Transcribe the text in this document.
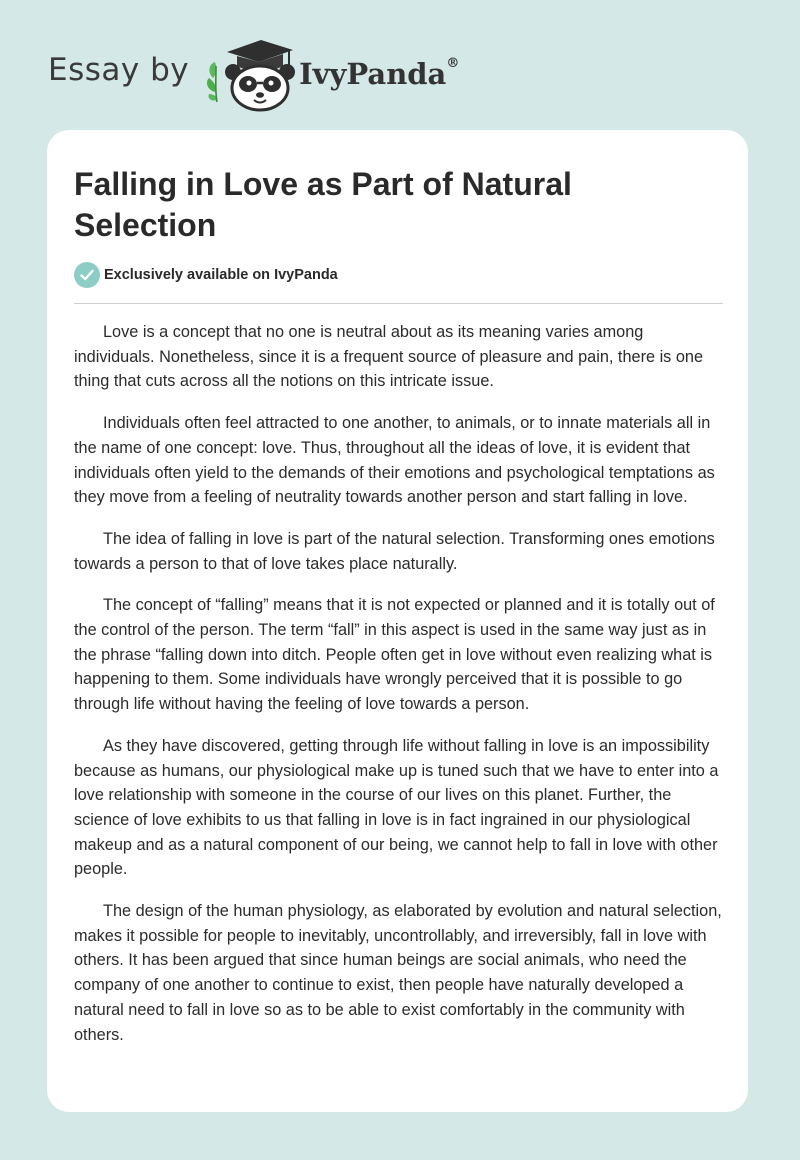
Essay by	IvyPanda®
Falling in Love as Part of Natural Selection
Exclusively available on IvyPanda

Love is a concept that no one is neutral about as its meaning varies among individuals. Nonetheless, since it is a frequent source of pleasure and pain, there is one thing that cuts across all the notions on this intricate issue.

Individuals often feel attracted to one another, to animals, or to innate materials all in the name of one concept: love. Thus, throughout all the ideas of love, it is evident that individuals often yield to the demands of their emotions and psychological temptations as they move from a feeling of neutrality towards another person and start falling in love.

The idea of falling in love is part of the natural selection. Transforming ones emotions towards a person to that of love takes place naturally.

The concept of “falling” means that it is not expected or planned and it is totally out of the control of the person. The term “fall” in this aspect is used in the same way just as in the phrase “falling down into ditch. People often get in love without even realizing what is happening to them. Some individuals have wrongly perceived that it is possible to go through life without having the feeling of love towards a person.

As they have discovered, getting through life without falling in love is an impossibility because as humans, our physiological make up is tuned such that we have to enter into a love relationship with someone in the course of our lives on this planet. Further, the science of love exhibits to us that falling in love is in fact ingrained in our physiological makeup and as a natural component of our being, we cannot help to fall in love with other people.

The design of the human physiology, as elaborated by evolution and natural selection, makes it possible for people to inevitably, uncontrollably, and irreversibly, fall in love with others. It has been argued that since human beings are social animals, who need the company of one another to continue to exist, then people have naturally developed a natural need to fall in love so as to be able to exist comfortably in the community with others.
